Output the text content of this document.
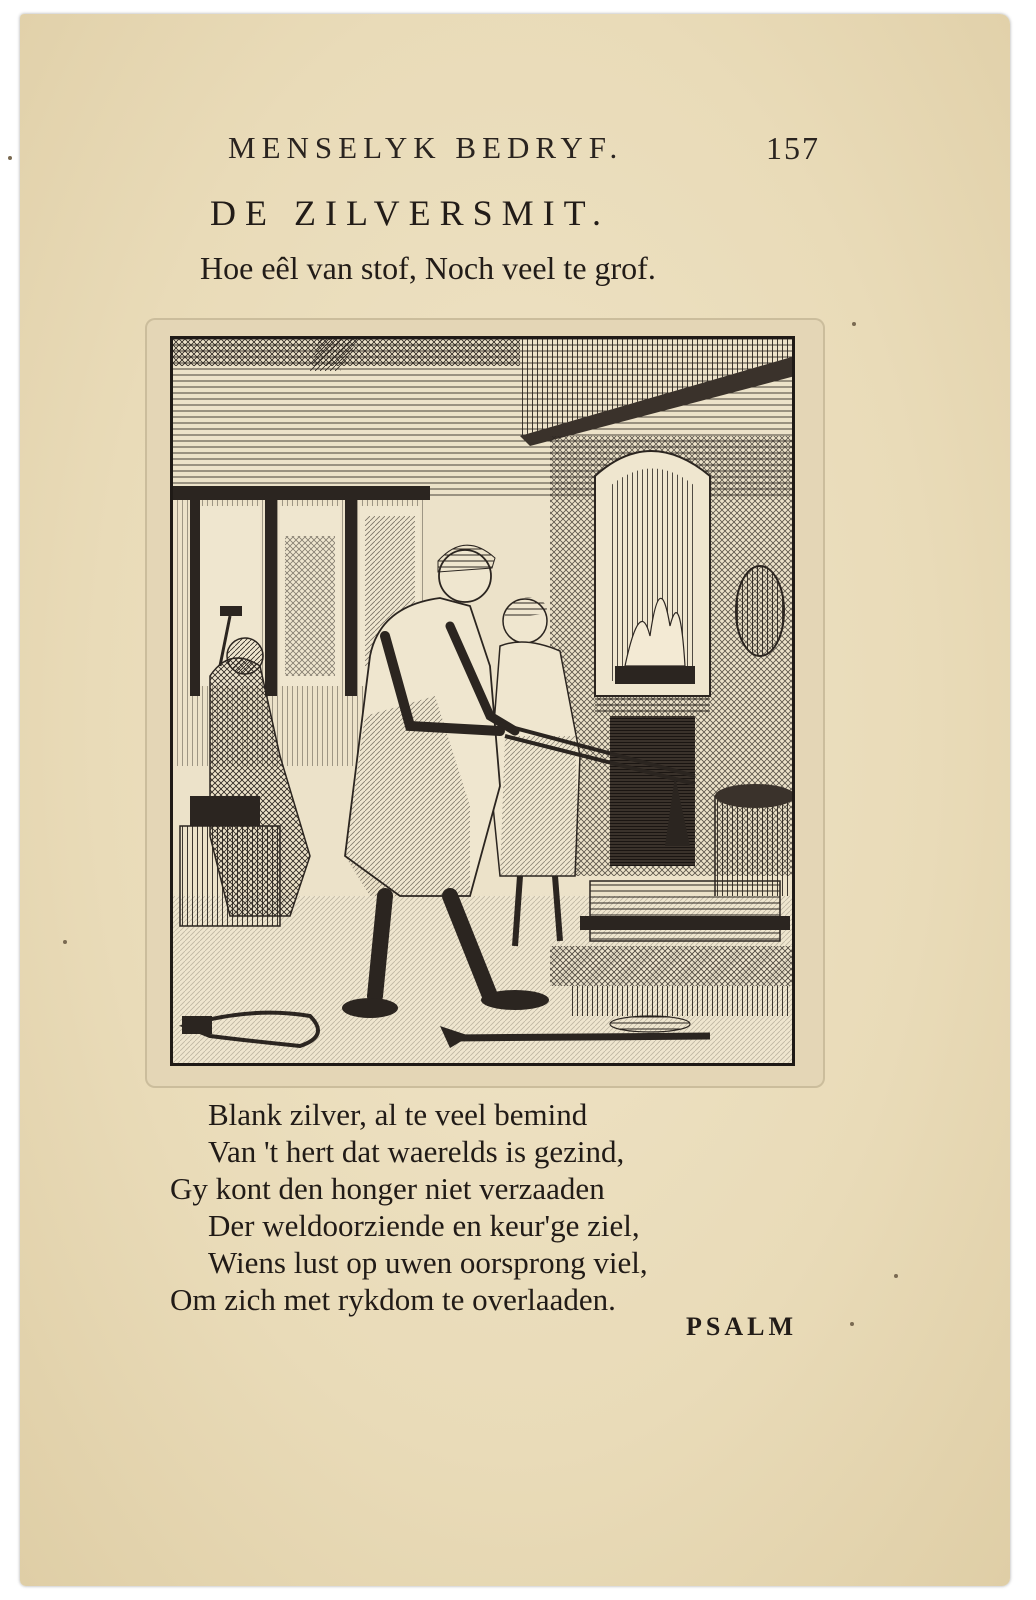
MENSELYK BEDRYF.	157
DE ZILVERSMIT.
Hoe eêl van stof, Noch veel te grof.
Blank zilver, al te veel bemind
Van 't hert dat waerelds is gezind,
Gy kont den honger niet verzaaden
Der weldoorziende en keur'ge ziel,
Wiens lust op uwen oorsprong viel,
Om zich met rykdom te overlaaden.
PSALM
